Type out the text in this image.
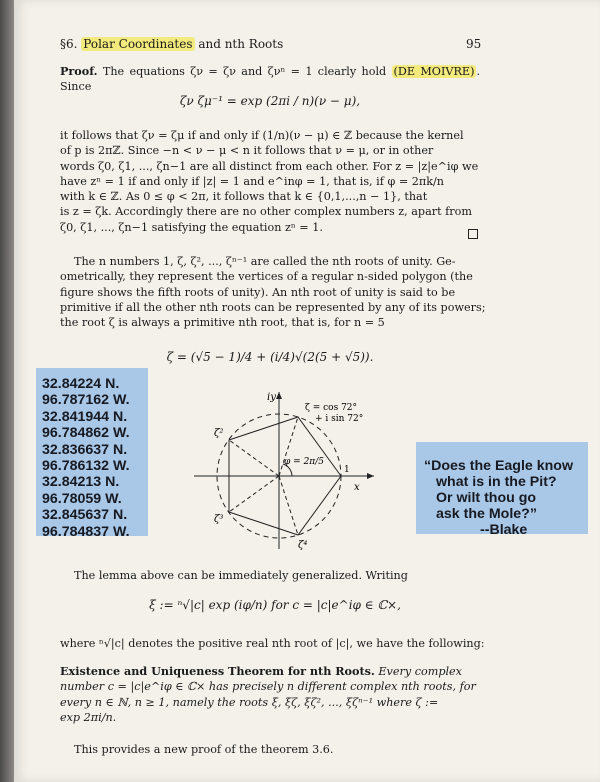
§6. Polar Coordinates and nth Roots	95
Proof. The equations ζν = ζν and ζνⁿ = 1 clearly hold (DE MOIVRE) . Since
ζν ζμ⁻¹ = exp (2πi / n)(ν − μ),

it follows that ζν = ζμ if and only if (1/n)(ν − μ) ∈ ℤ because the kernel

of p is 2πℤ. Since −n < ν − μ < n it follows that ν = μ, or in other

words ζ0, ζ1, ..., ζn−1 are all distinct from each other. For z = |z|e^iφ we

have zⁿ = 1 if and only if |z| = 1 and e^inφ = 1, that is, if φ = 2πk/n

with k ∈ ℤ. As 0 ≤ φ < 2π, it follows that k ∈ {0,1,...,n − 1}, that

is z = ζk. Accordingly there are no other complex numbers z, apart from

ζ0, ζ1, ..., ζn−1 satisfying the equation zⁿ = 1.

The n numbers 1, ζ, ζ², ..., ζⁿ⁻¹ are called the nth roots of unity. Ge-

ometrically, they represent the vertices of a regular n-sided polygon (the

figure shows the fifth roots of unity). An nth root of unity is said to be

primitive if all the other nth roots can be represented by any of its powers;

the root ζ is always a primitive nth root, that is, for n = 5

ζ = (√5 − 1)/4 + (i/4)√(2(5 + √5)).
iy
x
ζ = cos 72°
+ i sin 72°
φ = 2π/5
ζ²
ζ³
ζ⁴
1
The lemma above can be immediately generalized. Writing
ξ := ⁿ√|c| exp (iφ/n) for c = |c|e^iφ ∈ ℂ×,
where ⁿ√|c| denotes the positive real nth root of |c|, we have the following:

Existence and Uniqueness Theorem for nth Roots. Every complex

number c = |c|e^iφ ∈ ℂ× has precisely n different complex nth roots, for

every n ∈ ℕ, n ≥ 1, namely the roots ξ, ξζ, ξζ², ..., ξζⁿ⁻¹ where ζ :=

exp 2πi/n.

This provides a new proof of the theorem 3.6.
32.84224 N.
96.787162 W.
32.841944 N.
96.784862 W.
32.836637 N.
96.786132 W.
32.84213 N.
96.78059 W.
32.845637 N.
96.784837 W.
“Does the Eagle know
what is in the Pit?
Or wilt thou go
ask the Mole?”
--Blake
